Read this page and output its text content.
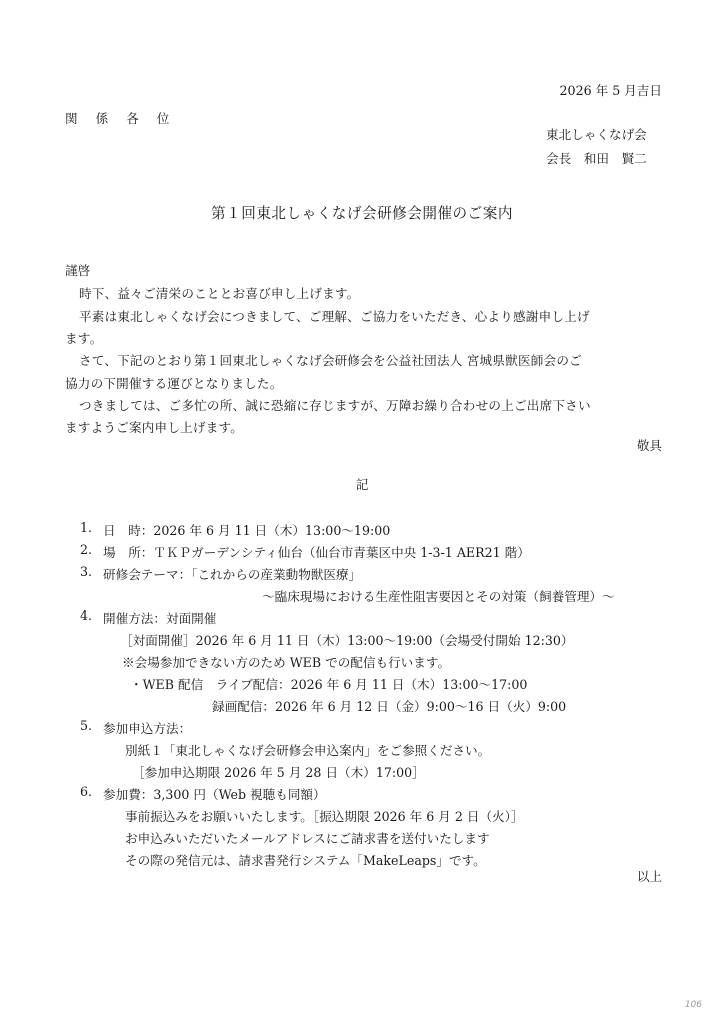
2026 年 5 月吉日
関 係 各 位
東北しゃくなげ会
会長　和田　賢二
第１回東北しゃくなげ会研修会開催のご案内
謹啓
時下、益々ご清栄のこととお喜び申し上げます。
平素は東北しゃくなげ会につきまして、ご理解、ご協力をいただき、心より感謝申し上げ
ます。
さて、下記のとおり第１回東北しゃくなげ会研修会を公益社団法人 宮城県獣医師会のご
協力の下開催する運びとなりました。
つきましては、ご多忙の所、誠に恐縮に存じますが、万障お繰り合わせの上ご出席下さい
ますようご案内申し上げます。
敬具
記
1. 日　時：2026 年 6 月 11 日（木）13:00～19:00
2. 場　所：ＴＫＰガーデンシティ仙台（仙台市青葉区中央 1-3-1 AER21 階）
3. 研修会テーマ：「これからの産業動物獣医療」
～臨床現場における生産性阻害要因とその対策（飼養管理）～
4. 開催方法：対面開催
［対面開催］2026 年 6 月 11 日（木）13:00～19:00（会場受付開始 12:30）
※会場参加できない方のため WEB での配信も行います。
・WEB 配信　ライブ配信：2026 年 6 月 11 日（木）13:00～17:00
録画配信：2026 年 6 月 12 日（金）9:00～16 日（火）9:00
5. 参加申込方法：
別紙１「東北しゃくなげ会研修会申込案内」をご参照ください。
［参加申込期限 2026 年 5 月 28 日（木）17:00］
6. 参加費：3,300 円（Web 視聴も同額）
事前振込みをお願いいたします。［振込期限 2026 年 6 月 2 日（火）］
お申込みいただいたメールアドレスにご請求書を送付いたします
その際の発信元は、請求書発行システム「MakeLeaps」です。
以上
106
